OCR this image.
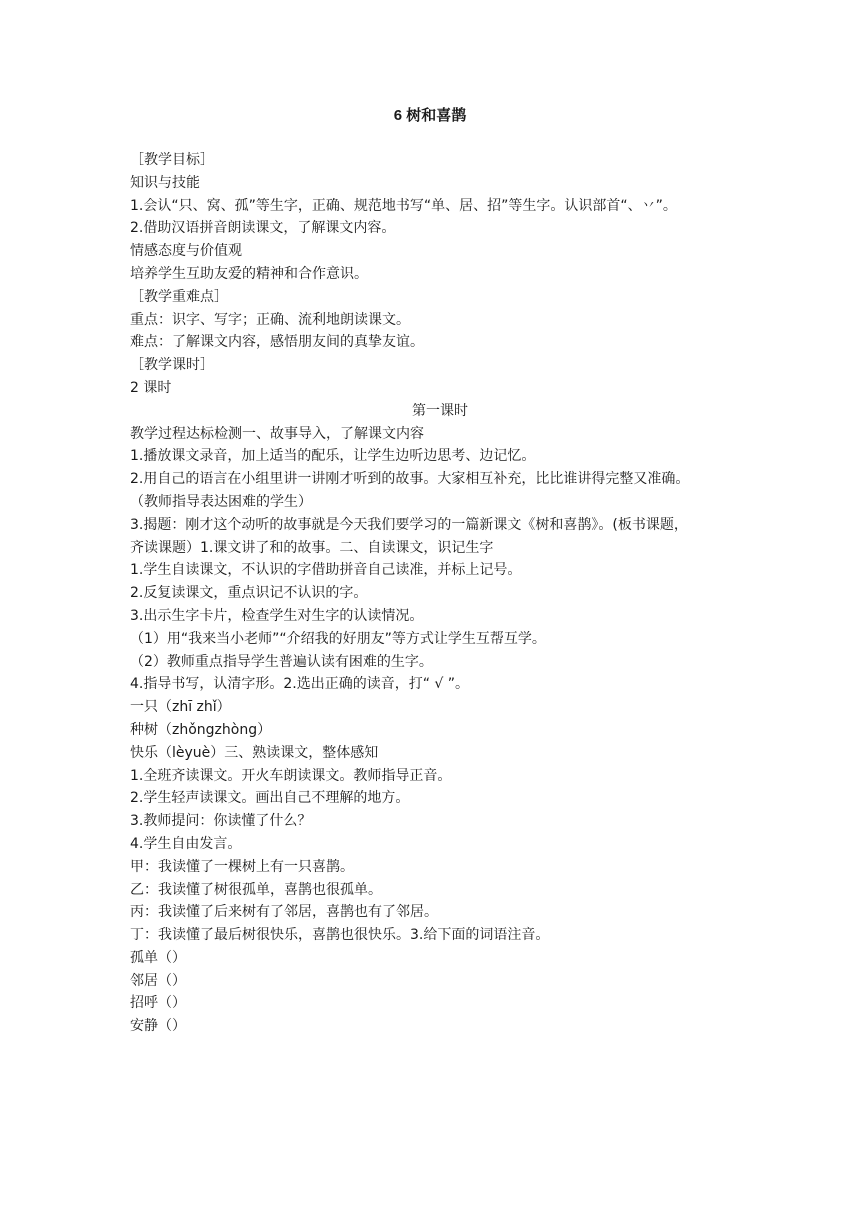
6 树和喜鹊
［教学目标］
知识与技能
1.会认“只、窝、孤”等生字，正确、规范地书写“单、居、招”等生字。认识部首“、丷”。
2.借助汉语拼音朗读课文，了解课文内容。
情感态度与价值观
培养学生互助友爱的精神和合作意识。
［教学重难点］
重点：识字、写字；正确、流利地朗读课文。
难点：了解课文内容，感悟朋友间的真挚友谊。
［教学课时］
2 课时
第一课时
教学过程达标检测一、故事导入，了解课文内容
1.播放课文录音，加上适当的配乐，让学生边听边思考、边记忆。
2.用自己的语言在小组里讲一讲刚才听到的故事。大家相互补充，比比谁讲得完整又准确。
（教师指导表达困难的学生）
3.揭题：刚才这个动听的故事就是今天我们要学习的一篇新课文《树和喜鹊》。(板书课题，
齐读课题）1.课文讲了和的故事。二、自读课文，识记生字
1.学生自读课文，不认识的字借助拼音自己读准，并标上记号。
2.反复读课文，重点识记不认识的字。
3.出示生字卡片，检查学生对生字的认读情况。
（1）用“我来当小老师”“介绍我的好朋友”等方式让学生互帮互学。
（2）教师重点指导学生普遍认读有困难的生字。
4.指导书写，认清字形。2.选出正确的读音，打“ √ ”。
一只（zhī zhǐ）
种树（zhǒngzhòng）
快乐（lèyuè）三、熟读课文，整体感知
1.全班齐读课文。开火车朗读课文。教师指导正音。
2.学生轻声读课文。画出自己不理解的地方。
3.教师提问：你读懂了什么？
4.学生自由发言。
甲：我读懂了一棵树上有一只喜鹊。
乙：我读懂了树很孤单，喜鹊也很孤单。
丙：我读懂了后来树有了邻居，喜鹊也有了邻居。
丁：我读懂了最后树很快乐，喜鹊也很快乐。3.给下面的词语注音。
孤单（）
邻居（）
招呼（）
安静（）
